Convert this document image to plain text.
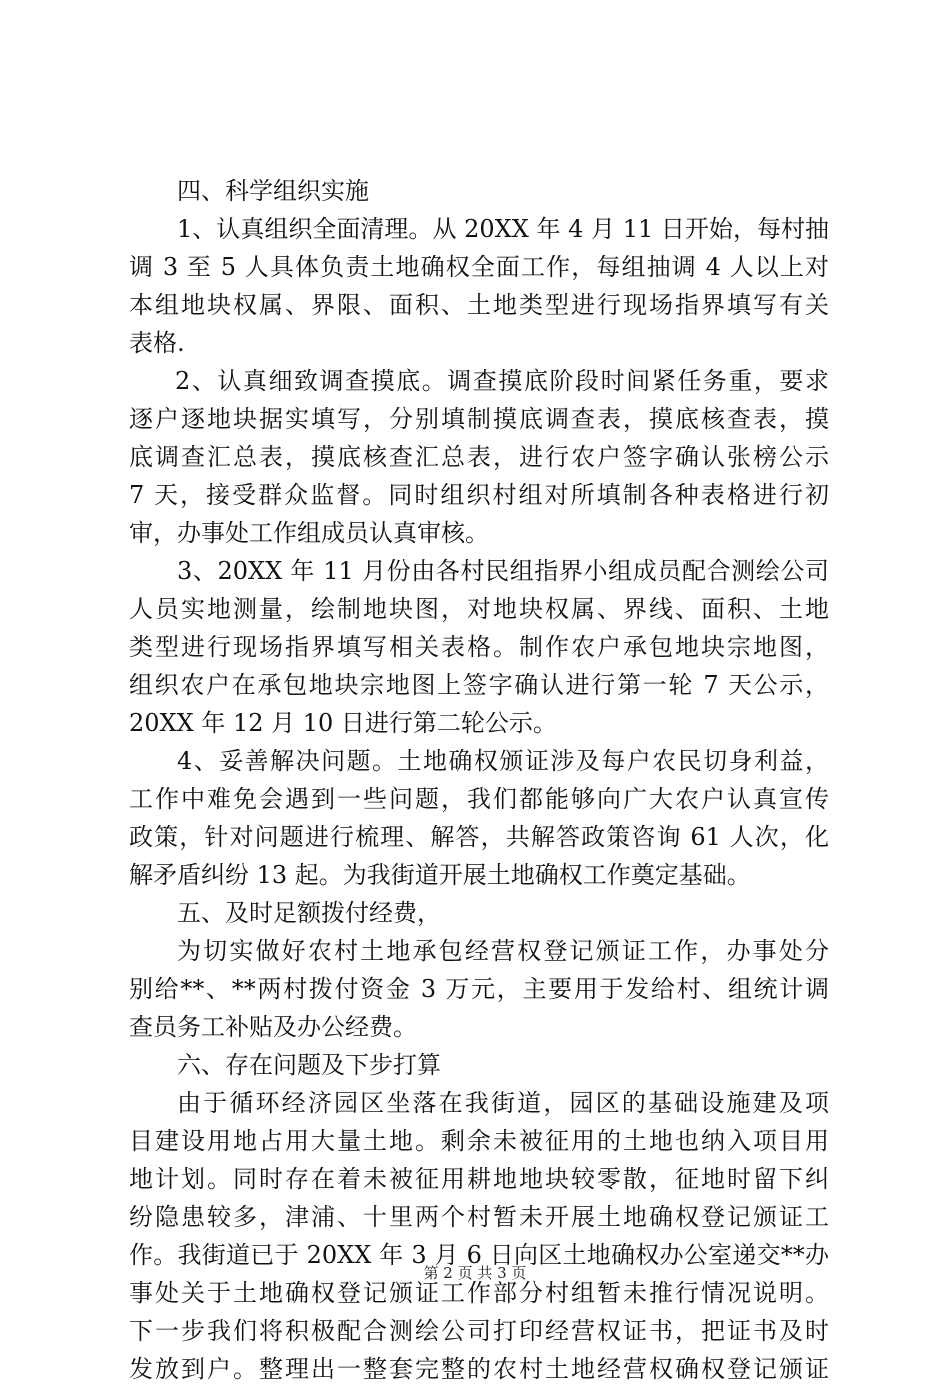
四、科学组织实施
1、认真组织全面清理。从 20XX 年 4 月 11 日开始，每村抽
调 3 至 5 人具体负责土地确权全面工作，每组抽调 4 人以上对
本组地块权属、界限、面积、土地类型进行现场指界填写有关
表格.
2、认真细致调查摸底。调查摸底阶段时间紧任务重，要求
逐户逐地块据实填写，分别填制摸底调查表，摸底核查表，摸
底调查汇总表，摸底核查汇总表，进行农户签字确认张榜公示
7 天，接受群众监督。同时组织村组对所填制各种表格进行初
审，办事处工作组成员认真审核。
3、20XX 年 11 月份由各村民组指界小组成员配合测绘公司
人员实地测量，绘制地块图，对地块权属、界线、面积、土地
类型进行现场指界填写相关表格。制作农户承包地块宗地图，
组织农户在承包地块宗地图上签字确认进行第一轮 7 天公示，
20XX 年 12 月 10 日进行第二轮公示。
4、妥善解决问题。土地确权颁证涉及每户农民切身利益，
工作中难免会遇到一些问题，我们都能够向广大农户认真宣传
政策，针对问题进行梳理、解答，共解答政策咨询 61 人次，化
解矛盾纠纷 13 起。为我街道开展土地确权工作奠定基础。
五、及时足额拨付经费，
为切实做好农村土地承包经营权登记颁证工作，办事处分
别给**、**两村拨付资金 3 万元，主要用于发给村、组统计调
查员务工补贴及办公经费。
六、存在问题及下步打算
由于循环经济园区坐落在我街道，园区的基础设施建及项
目建设用地占用大量土地。剩余未被征用的土地也纳入项目用
地计划。同时存在着未被征用耕地地块较零散，征地时留下纠
纷隐患较多，津浦、十里两个村暂未开展土地确权登记颁证工
作。我街道已于 20XX 年 3 月 6 日向区土地确权办公室递交**办
事处关于土地确权登记颁证工作部分村组暂未推行情况说明。
下一步我们将积极配合测绘公司打印经营权证书，把证书及时
发放到户。整理出一整套完整的农村土地经营权确权登记颁证
第 2 页 共 3 页
